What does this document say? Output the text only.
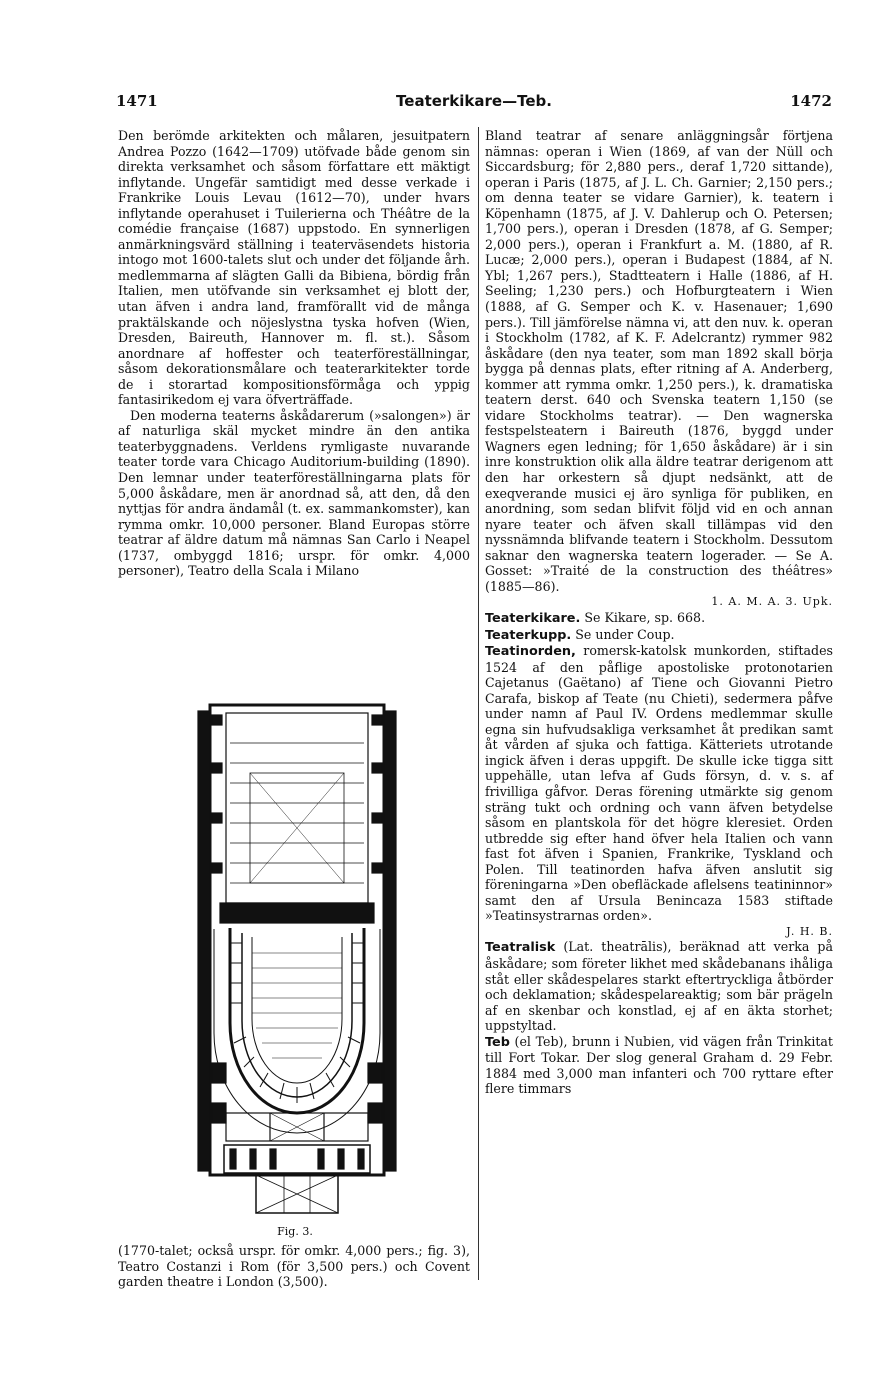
1471	Teaterkikare—Teb.	1472

Den berömde arkitekten och målaren, jesuitpatern Andrea Pozzo (1642—1709) utöfvade både genom sin direkta verksamhet och såsom författare ett mäktigt inflytande. Ungefär samtidigt med desse verkade i Frankrike Louis Levau (1612—70), under hvars inflytande operahuset i Tuilerierna och Théâtre de la comédie française (1687) uppstodo. En synnerligen anmärkningsvärd ställning i teaterväsendets historia intogo mot 1600-talets slut och under det följande årh. medlemmarna af slägten Galli da Bibiena, bördig från Italien, men utöfvande sin verksamhet ej blott der, utan äfven i andra land, framförallt vid de många praktälskande och nöjeslystna tyska hofven (Wien, Dresden, Baireuth, Hannover m. fl. st.). Såsom anordnare af hoffester och teaterföreställningar, såsom dekorationsmålare och teaterarkitekter torde de i storartad kompositionsförmåga och yppig fantasirikedom ej vara öfverträffade.

Den moderna teaterns åskådarerum (»salongen») är af naturliga skäl mycket mindre än den antika teaterbyggnadens. Verldens rymligaste nuvarande teater torde vara Chicago Auditorium-building (1890). Den lemnar under teaterföreställningarna plats för 5,000 åskådare, men är anordnad så, att den, då den nyttjas för andra ändamål (t. ex. sammankomster), kan rymma omkr. 10,000 personer. Bland Europas större teatrar af äldre datum må nämnas San Carlo i Neapel (1737, ombyggd 1816; urspr. för omkr. 4,000 personer), Teatro della Scala i Milano

Fig. 3.

(1770-talet; också urspr. för omkr. 4,000 pers.; fig. 3), Teatro Costanzi i Rom (för 3,500 pers.) och Covent garden theatre i London (3,500).

Bland teatrar af senare anläggningsår förtjena nämnas: operan i Wien (1869, af van der Nüll och Siccardsburg; för 2,880 pers., deraf 1,720 sittande), operan i Paris (1875, af J. L. Ch. Garnier; 2,150 pers.; om denna teater se vidare Garnier), k. teatern i Köpenhamn (1875, af J. V. Dahlerup och O. Petersen; 1,700 pers.), operan i Dresden (1878, af G. Semper; 2,000 pers.), operan i Frankfurt a. M. (1880, af R. Lucæ; 2,000 pers.), operan i Budapest (1884, af N. Ybl; 1,267 pers.), Stadtteatern i Halle (1886, af H. Seeling; 1,230 pers.) och Hofburgteatern i Wien (1888, af G. Semper och K. v. Hasenauer; 1,690 pers.). Till jämförelse nämna vi, att den nuv. k. operan i Stockholm (1782, af K. F. Adelcrantz) rymmer 982 åskådare (den nya teater, som man 1892 skall börja bygga på dennas plats, efter ritning af A. Anderberg, kommer att rymma omkr. 1,250 pers.), k. dramatiska teatern derst. 640 och Svenska teatern 1,150 (se vidare Stockholms teatrar). — Den wagnerska festspelsteatern i Baireuth (1876, byggd under Wagners egen ledning; för 1,650 åskådare) är i sin inre konstruktion olik alla äldre teatrar derigenom att den har orkestern så djupt nedsänkt, att de exeqverande musici ej äro synliga för publiken, en anordning, som sedan blifvit följd vid en och annan nyare teater och äfven skall tillämpas vid den nyssnämnda blifvande teatern i Stockholm. Dessutom saknar den wagnerska teatern logerader. — Se A. Gosset: »Traité de la construction des théâtres» (1885—86).

1. A. M. A. 3. Upk.

Teaterkikare. Se Kikare, sp. 668.

Teaterkupp. Se under Coup.

Teatinorden, romersk-katolsk munkorden, stiftades 1524 af den påflige apostoliske protonotarien Cajetanus (Gaëtano) af Tiene och Giovanni Pietro Carafa, biskop af Teate (nu Chieti), sedermera påfve under namn af Paul IV. Ordens medlemmar skulle egna sin hufvudsakliga verksamhet åt predikan samt åt vården af sjuka och fattiga. Kätteriets utrotande ingick äfven i deras uppgift. De skulle icke tigga sitt uppehälle, utan lefva af Guds försyn, d. v. s. af frivilliga gåfvor. Deras förening utmärkte sig genom sträng tukt och ordning och vann äfven betydelse såsom en plantskola för det högre kleresiet. Orden utbredde sig efter hand öfver hela Italien och vann fast fot äfven i Spanien, Frankrike, Tyskland och Polen. Till teatinorden hafva äfven anslutit sig föreningarna »Den obefläckade aflelsens teatininnor» samt den af Ursula Benincaza 1583 stiftade »Teatinsystrarnas orden».

J. H. B.

Teatralisk (Lat. theatrālis), beräknad att verka på åskådare; som företer likhet med skådebanans ihåliga ståt eller skådespelares starkt eftertryckliga åtbörder och deklamation; skådespelareaktig; som bär prägeln af en skenbar och konstlad, ej af en äkta storhet; uppstyltad.

Teb (el Teb), brunn i Nubien, vid vägen från Trinkitat till Fort Tokar. Der slog general Graham d. 29 Febr. 1884 med 3,000 man infanteri och 700 ryttare efter flere timmars
